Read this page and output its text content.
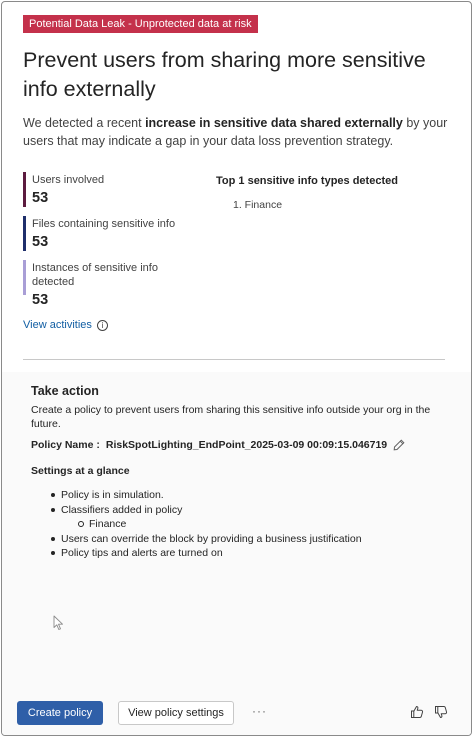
Potential Data Leak - Unprotected data at risk
Prevent users from sharing more sensitive info externally

We detected a recent increase in sensitive data shared externally by your users that may indicate a gap in your data loss prevention strategy.

Users involved
53
Files containing sensitive info
53
Instances of sensitive info detected
53
Top 1 sensitive info types detected
1. Finance
View activities	i
Take action
Create a policy to prevent users from sharing this sensitive info outside your org in the future.
Policy Name : RiskSpotLighting_EndPoint_2025-03-09 00:09:15.046719
Settings at a glance
Policy is in simulation.
Classifiers added in policy
Finance
Users can override the block by providing a business justification
Policy tips and alerts are turned on
Create policy	View policy settings	···
